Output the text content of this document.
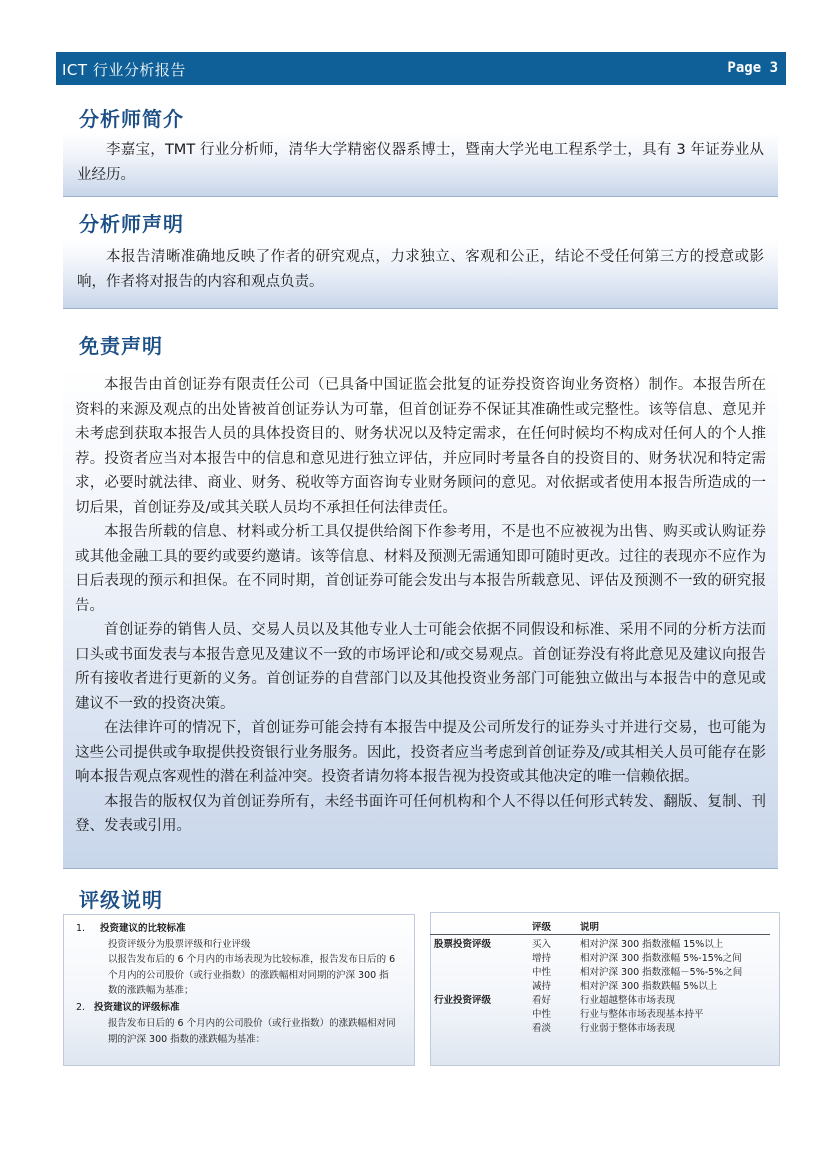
ICT 行业分析报告	Page 3
分析师简介

李嘉宝，TMT 行业分析师，清华大学精密仪器系博士，暨南大学光电工程系学士，具有 3 年证券业从业经历。

分析师声明

本报告清晰准确地反映了作者的研究观点，力求独立、客观和公正，结论不受任何第三方的授意或影响，作者将对报告的内容和观点负责。

免责声明

本报告由首创证券有限责任公司（已具备中国证监会批复的证券投资咨询业务资格）制作。本报告所在资料的来源及观点的出处皆被首创证券认为可靠，但首创证券不保证其准确性或完整性。该等信息、意见并未考虑到获取本报告人员的具体投资目的、财务状况以及特定需求，在任何时候均不构成对任何人的个人推荐。投资者应当对本报告中的信息和意见进行独立评估，并应同时考量各自的投资目的、财务状况和特定需求，必要时就法律、商业、财务、税收等方面咨询专业财务顾问的意见。对依据或者使用本报告所造成的一切后果，首创证券及/或其关联人员均不承担任何法律责任。

本报告所载的信息、材料或分析工具仅提供给阁下作参考用，不是也不应被视为出售、购买或认购证券或其他金融工具的要约或要约邀请。该等信息、材料及预测无需通知即可随时更改。过往的表现亦不应作为日后表现的预示和担保。在不同时期，首创证券可能会发出与本报告所载意见、评估及预测不一致的研究报告。

首创证券的销售人员、交易人员以及其他专业人士可能会依据不同假设和标准、采用不同的分析方法而口头或书面发表与本报告意见及建议不一致的市场评论和/或交易观点。首创证券没有将此意见及建议向报告所有接收者进行更新的义务。首创证券的自营部门以及其他投资业务部门可能独立做出与本报告中的意见或建议不一致的投资决策。

在法律许可的情况下，首创证券可能会持有本报告中提及公司所发行的证券头寸并进行交易，也可能为这些公司提供或争取提供投资银行业务服务。因此，投资者应当考虑到首创证券及/或其相关人员可能存在影响本报告观点客观性的潜在利益冲突。投资者请勿将本报告视为投资或其他决定的唯一信赖依据。

本报告的版权仅为首创证券所有，未经书面许可任何机构和个人不得以任何形式转发、翻版、复制、刊登、发表或引用。

评级说明
1. 投资建议的比较标准
投资评级分为股票评级和行业评级
以报告发布后的 6 个月内的市场表现为比较标准，报告发布日后的 6 个月内的公司股价（或行业指数）的涨跌幅相对同期的沪深 300 指数的涨跌幅为基准；
2. 投资建议的评级标准
报告发布日后的 6 个月内的公司股价（或行业指数）的涨跌幅相对同期的沪深 300 指数的涨跌幅为基准：
	评级	说明
股票投资评级	买入	相对沪深 300 指数涨幅 15%以上
	增持	相对沪深 300 指数涨幅 5%-15%之间
	中性	相对沪深 300 指数涨幅－5%-5%之间
	减持	相对沪深 300 指数跌幅 5%以上
行业投资评级	看好	行业超越整体市场表现
	中性	行业与整体市场表现基本持平
	看淡	行业弱于整体市场表现
